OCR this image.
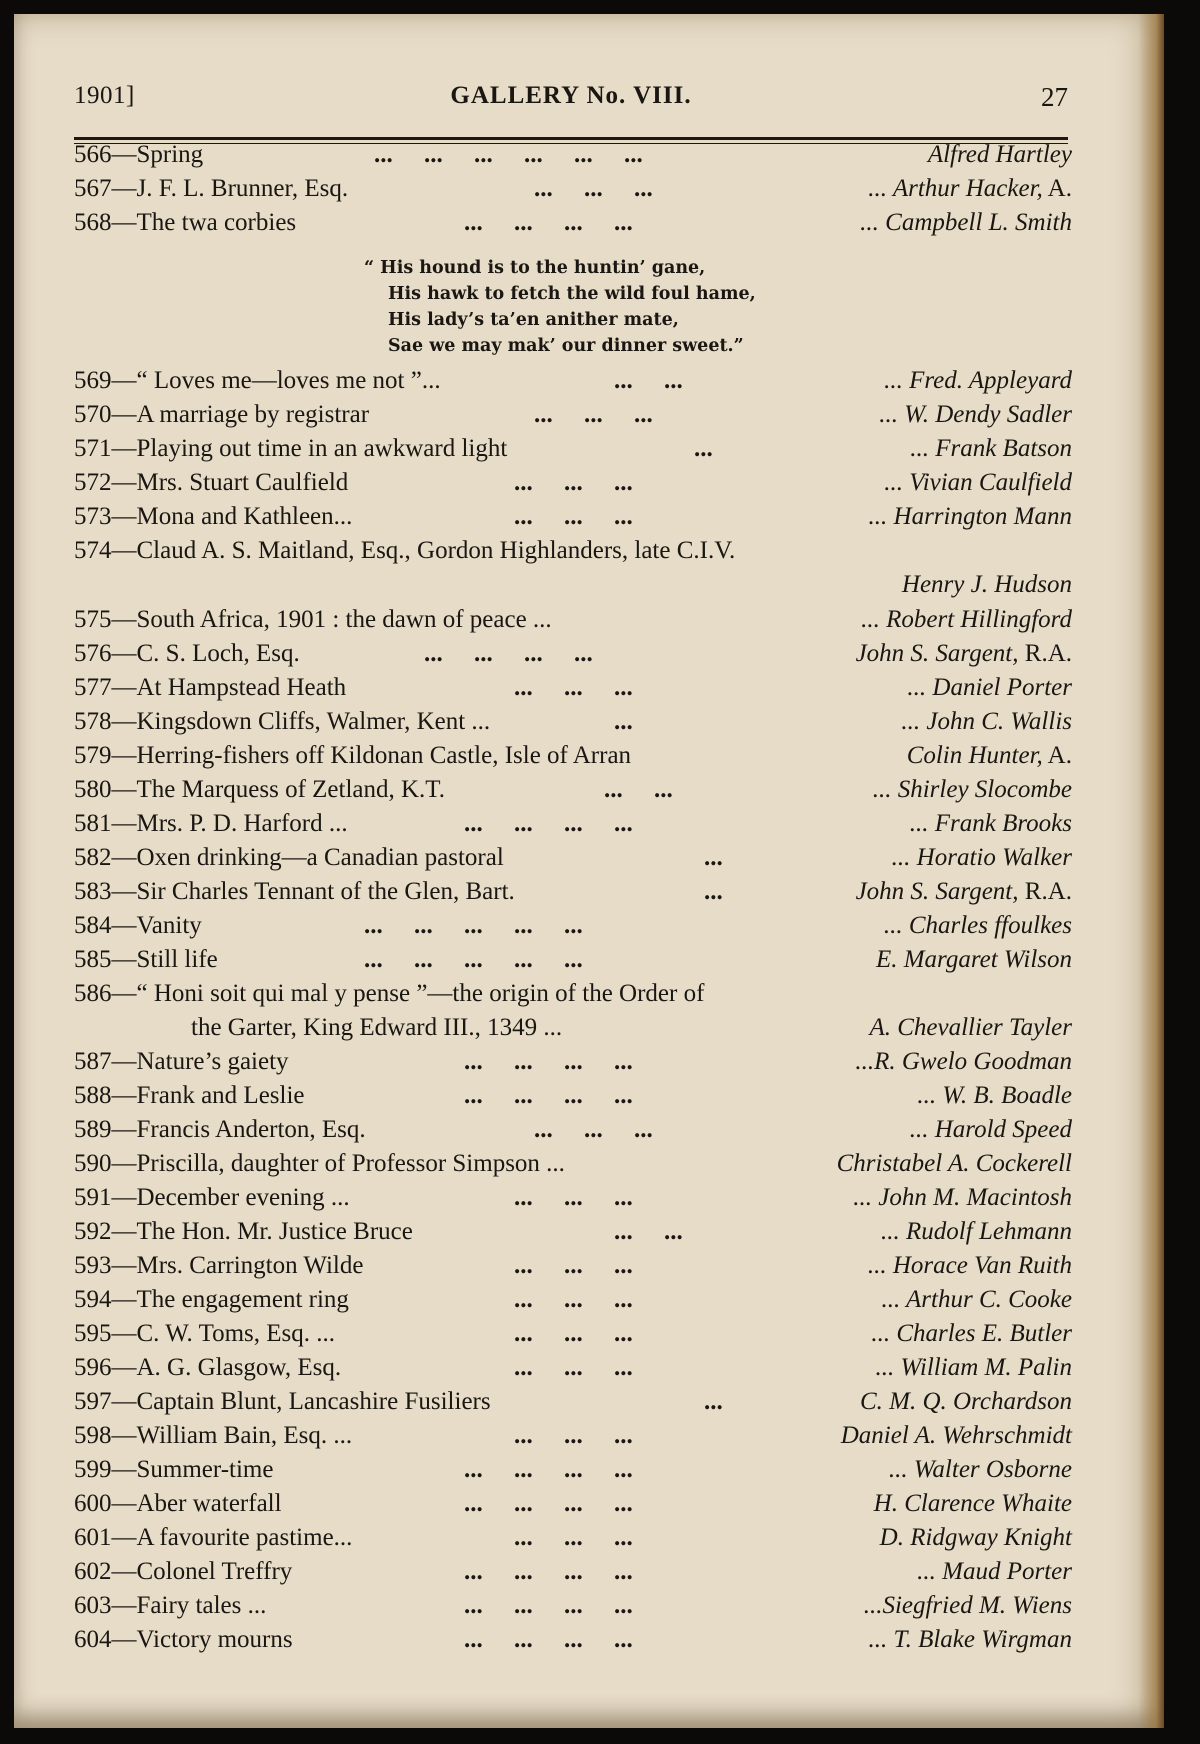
1901]	GALLERY No. VIII.	27
566—Spring	...     ...     ...     ...     ...     ...	Alfred Hartley
567—J. F. L. Brunner, Esq.	...     ...     ...	... Arthur Hacker, A.
568—The twa corbies	...     ...     ...     ...	... Campbell L. Smith
569—“ Loves me—loves me not ”...	...     ...	... Fred. Appleyard
570—A marriage by registrar	...     ...     ...	... W. Dendy Sadler
571—Playing out time in an awkward light	...	... Frank Batson
572—Mrs. Stuart Caulfield	...     ...     ...	... Vivian Caulfield
573—Mona and Kathleen...	...     ...     ...	... Harrington Mann
574—Claud A. S. Maitland, Esq., Gordon Highlanders, late C.I.V.
Henry J. Hudson
575—South Africa, 1901 : the dawn of peace ...	... Robert Hillingford
576—C. S. Loch, Esq.	...     ...     ...     ...	John S. Sargent, R.A.
577—At Hampstead Heath	...     ...     ...	... Daniel Porter
578—Kingsdown Cliffs, Walmer, Kent ...	...	... John C. Wallis
579—Herring-fishers off Kildonan Castle, Isle of Arran	Colin Hunter, A.
580—The Marquess of Zetland, K.T.	...     ...	... Shirley Slocombe
581—Mrs. P. D. Harford ...	...     ...     ...     ...	... Frank Brooks
582—Oxen drinking—a Canadian pastoral	...	... Horatio Walker
583—Sir Charles Tennant of the Glen, Bart.	...	John S. Sargent, R.A.
584—Vanity	...     ...     ...     ...     ...	... Charles ffoulkes
585—Still life	...     ...     ...     ...     ...	E. Margaret Wilson
586—“ Honi soit qui mal y pense ”—the origin of the Order of
the Garter, King Edward III., 1349 ...	A. Chevallier Tayler
587—Nature’s gaiety	...     ...     ...     ...	...R. Gwelo Goodman
588—Frank and Leslie	...     ...     ...     ...	... W. B. Boadle
589—Francis Anderton, Esq.	...     ...     ...	... Harold Speed
590—Priscilla, daughter of Professor Simpson ...	Christabel A. Cockerell
591—December evening ...	...     ...     ...	... John M. Macintosh
592—The Hon. Mr. Justice Bruce	...     ...	... Rudolf Lehmann
593—Mrs. Carrington Wilde	...     ...     ...	... Horace Van Ruith
594—The engagement ring	...     ...     ...	... Arthur C. Cooke
595—C. W. Toms, Esq. ...	...     ...     ...	... Charles E. Butler
596—A. G. Glasgow, Esq.	...     ...     ...	... William M. Palin
597—Captain Blunt, Lancashire Fusiliers	...	C. M. Q. Orchardson
598—William Bain, Esq. ...	...     ...     ...	Daniel A. Wehrschmidt
599—Summer-time	...     ...     ...     ...	... Walter Osborne
600—Aber waterfall	...     ...     ...     ...	H. Clarence Whaite
601—A favourite pastime...	...     ...     ...	D. Ridgway Knight
602—Colonel Treffry	...     ...     ...     ...	... Maud Porter
603—Fairy tales ...	...     ...     ...     ...	...Siegfried M. Wiens
604—Victory mourns	...     ...     ...     ...	... T. Blake Wirgman
“ His hound is to the huntin’ gane,
His hawk to fetch the wild foul hame,
His lady’s ta’en anither mate,
Sae we may mak’ our dinner sweet.”
